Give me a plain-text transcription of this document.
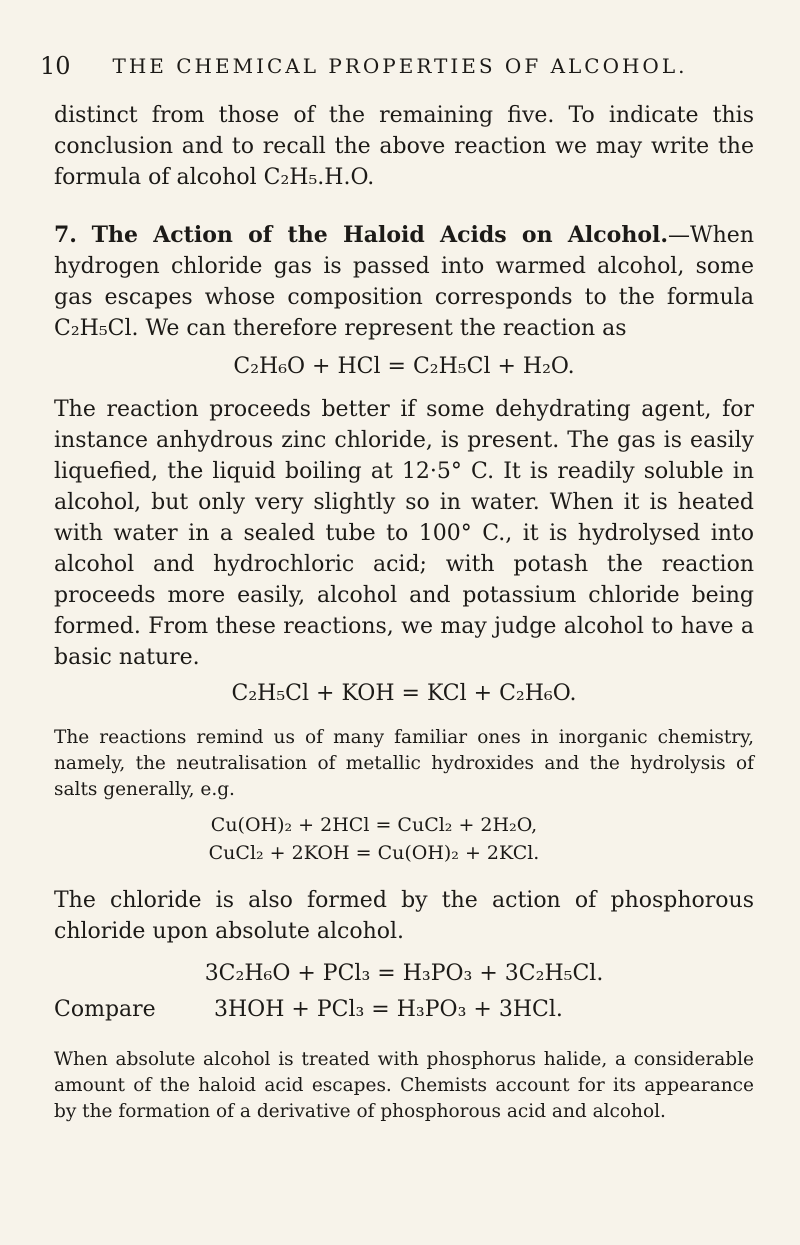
10	THE CHEMICAL PROPERTIES OF ALCOHOL.

distinct from those of the remaining five. To indicate this conclusion and to recall the above reaction we may write the formula of alcohol C₂H₅.H.O.

7. The Action of the Haloid Acids on Alcohol.—When hydrogen chloride gas is passed into warmed alcohol, some gas escapes whose composition corresponds to the formula C₂H₅Cl. We can therefore represent the reaction as

C₂H₆O + HCl = C₂H₅Cl + H₂O.

The reaction proceeds better if some dehydrating agent, for instance anhydrous zinc chloride, is present. The gas is easily liquefied, the liquid boiling at 12·5° C. It is readily soluble in alcohol, but only very slightly so in water. When it is heated with water in a sealed tube to 100° C., it is hydrolysed into alcohol and hydrochloric acid; with potash the reaction proceeds more easily, alcohol and potassium chloride being formed. From these reactions, we may judge alcohol to have a basic nature.

C₂H₅Cl + KOH = KCl + C₂H₆O.

The reactions remind us of many familiar ones in inorganic chemistry, namely, the neutralisation of metallic hydroxides and the hydrolysis of salts generally, e.g.

Cu(OH)₂ + 2HCl = CuCl₂ + 2H₂O,
CuCl₂ + 2KOH = Cu(OH)₂ + 2KCl.

The chloride is also formed by the action of phosphorous chloride upon absolute alcohol.

3C₂H₆O + PCl₃ = H₃PO₃ + 3C₂H₅Cl.
Compare	3HOH + PCl₃ = H₃PO₃ + 3HCl.

When absolute alcohol is treated with phosphorus halide, a considerable amount of the haloid acid escapes. Chemists account for its appearance by the formation of a derivative of phosphorous acid and alcohol.
